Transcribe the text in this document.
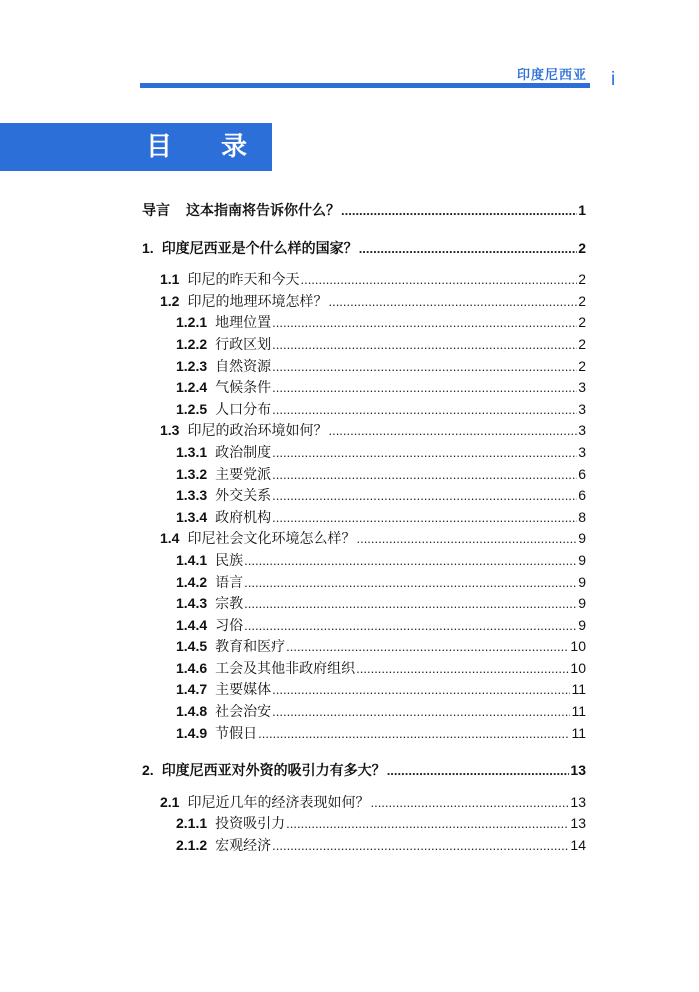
印度尼西亚 i
目 录
导言 这本指南将告诉你什么？ .....	1
1. 印度尼西亚是个什么样的国家？ .....	2
1.1 印尼的昨天和今天 .....	2
1.2 印尼的地理环境怎样？ .....	2
1.2.1 地理位置 .....	2
1.2.2 行政区划 .....	2
1.2.3 自然资源 .....	2
1.2.4 气候条件 .....	3
1.2.5 人口分布 .....	3
1.3 印尼的政治环境如何？ .....	3
1.3.1 政治制度 .....	3
1.3.2 主要党派 .....	6
1.3.3 外交关系 .....	6
1.3.4 政府机构 .....	8
1.4 印尼社会文化环境怎么样？ .....	9
1.4.1 民族 .....	9
1.4.2 语言 .....	9
1.4.3 宗教 .....	9
1.4.4 习俗 .....	9
1.4.5 教育和医疗 .....	10
1.4.6 工会及其他非政府组织 .....	10
1.4.7 主要媒体 .....	11
1.4.8 社会治安 .....	11
1.4.9 节假日 .....	11
2. 印度尼西亚对外资的吸引力有多大？ .....	13
2.1 印尼近几年的经济表现如何？ .....	13
2.1.1 投资吸引力 .....	13
2.1.2 宏观经济 .....	14
